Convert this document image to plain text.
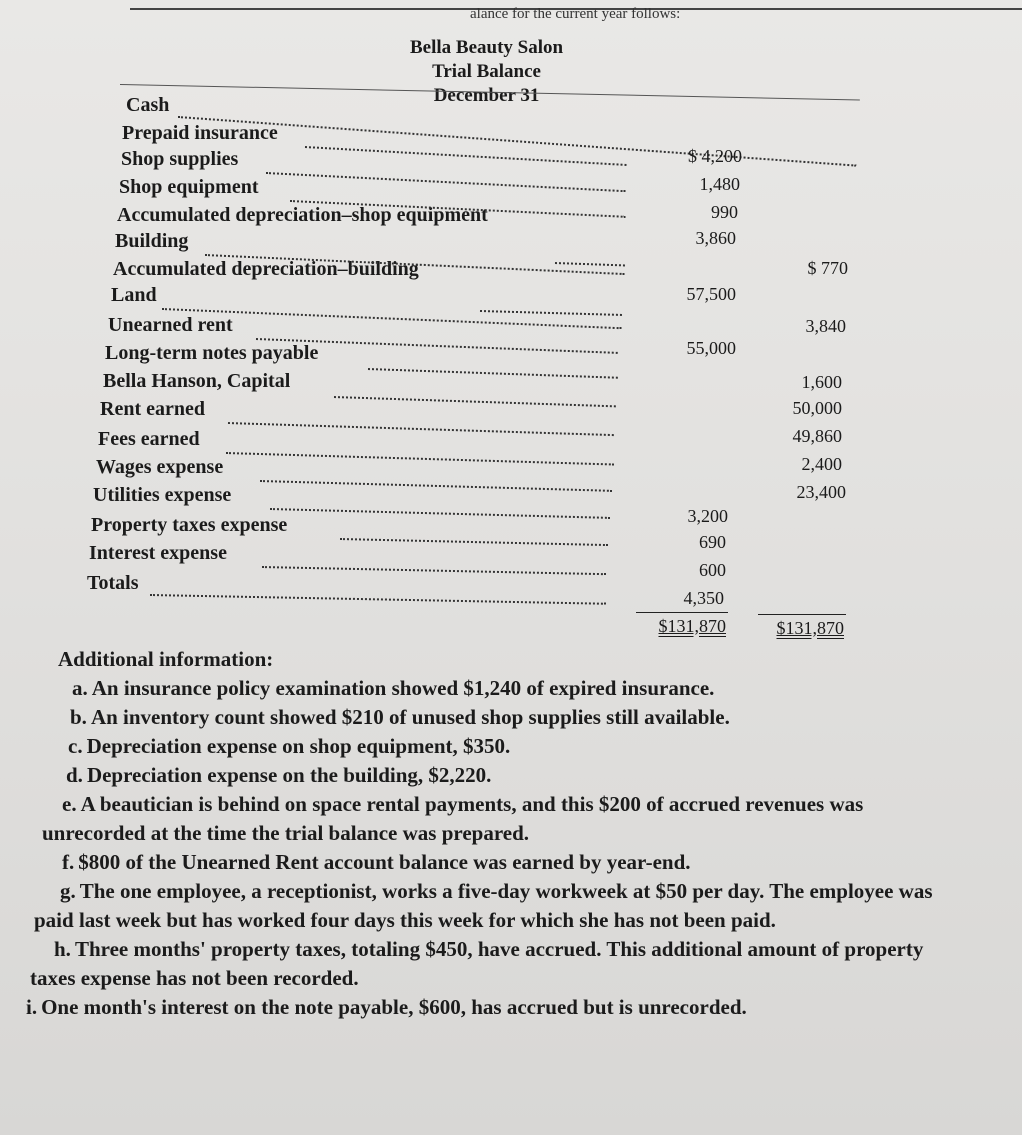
alance for the current year follows:
Bella Beauty Salon
Trial Balance
December 31
Cash
Prepaid insurance
Shop supplies
Shop equipment
Accumulated depreciation–shop equipment
Building
Accumulated depreciation–building
Land
Unearned rent
Long-term notes payable
Bella Hanson, Capital
Rent earned
Fees earned
Wages expense
Utilities expense
Property taxes expense
Interest expense
Totals
$ 4,200
1,480
990
3,860
57,500
55,000
3,200
690
600
4,350
$131,870
$ 770
3,840
1,600
50,000
49,860
2,400
23,400
$131,870
Additional information:
a. An insurance policy examination showed $1,240 of expired insurance.
b. An inventory count showed $210 of unused shop supplies still available.
c. Depreciation expense on shop equipment, $350.
d. Depreciation expense on the building, $2,220.
e. A beautician is behind on space rental payments, and this $200 of accrued revenues was unrecorded at the time the trial balance was prepared.
f. $800 of the Unearned Rent account balance was earned by year-end.
g. The one employee, a receptionist, works a five-day workweek at $50 per day. The employee was paid last week but has worked four days this week for which she has not been paid.
h. Three months' property taxes, totaling $450, have accrued. This additional amount of property taxes expense has not been recorded.
i. One month's interest on the note payable, $600, has accrued but is unrecorded.
